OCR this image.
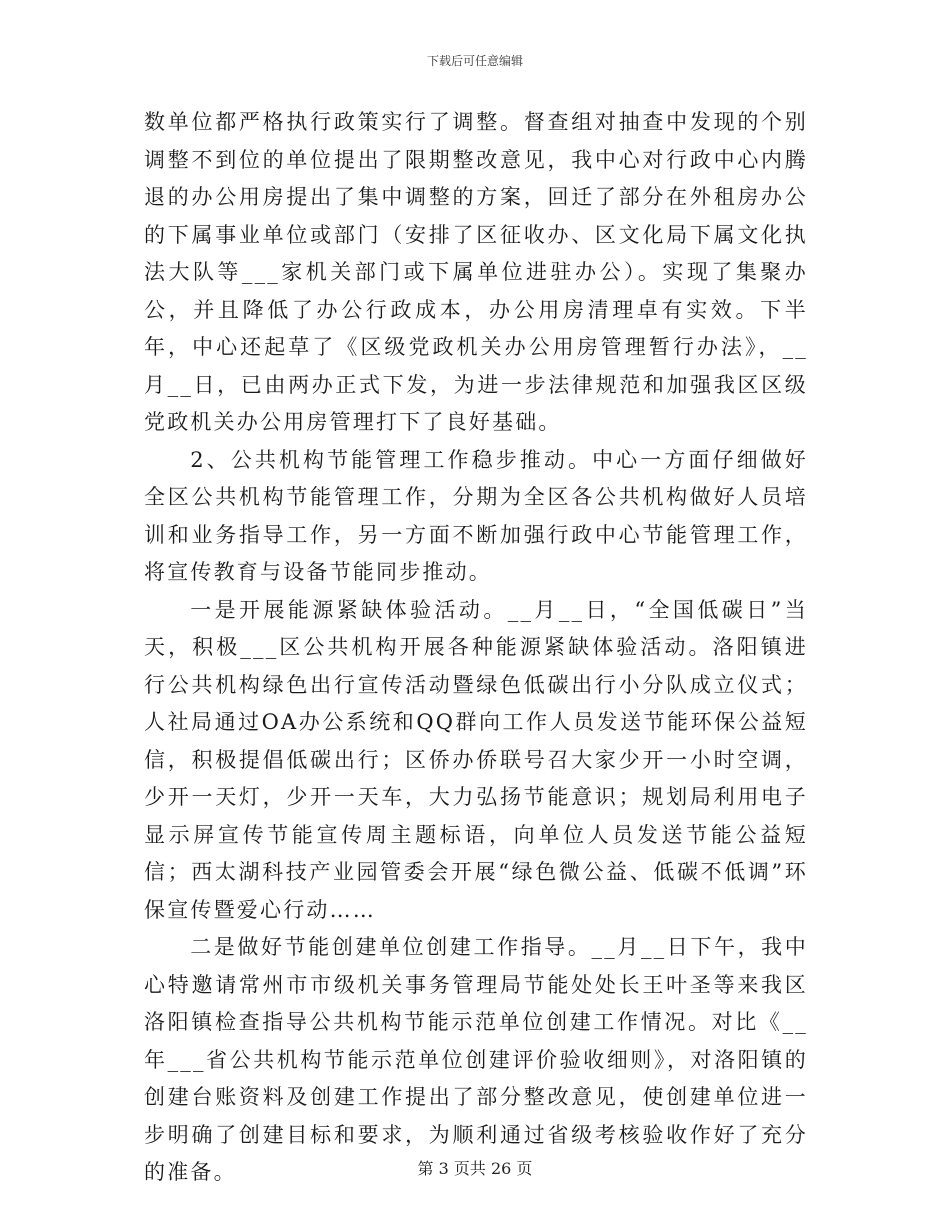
下载后可任意编辑

数单位都严格执行政策实行了调整。督查组对抽查中发现的个别调整不到位的单位提出了限期整改意见，我中心对行政中心内腾退的办公用房提出了集中调整的方案，回迁了部分在外租房办公的下属事业单位或部门（安排了区征收办、区文化局下属文化执法大队等___家机关部门或下属单位进驻办公）。实现了集聚办公，并且降低了办公行政成本，办公用房清理卓有实效。下半年，中心还起草了《区级党政机关办公用房管理暂行办法》，__月__日，已由两办正式下发，为进一步法律规范和加强我区区级党政机关办公用房管理打下了良好基础。

2、公共机构节能管理工作稳步推动。中心一方面仔细做好全区公共机构节能管理工作，分期为全区各公共机构做好人员培训和业务指导工作，另一方面不断加强行政中心节能管理工作，将宣传教育与设备节能同步推动。

一是开展能源紧缺体验活动。__月__日，“全国低碳日”当天，积极___区公共机构开展各种能源紧缺体验活动。洛阳镇进行公共机构绿色出行宣传活动暨绿色低碳出行小分队成立仪式；人社局通过OA办公系统和QQ群向工作人员发送节能环保公益短信，积极提倡低碳出行；区侨办侨联号召大家少开一小时空调，少开一天灯，少开一天车，大力弘扬节能意识；规划局利用电子显示屏宣传节能宣传周主题标语，向单位人员发送节能公益短信；西太湖科技产业园管委会开展“绿色微公益、低碳不低调”环保宣传暨爱心行动……

二是做好节能创建单位创建工作指导。__月__日下午，我中心特邀请常州市市级机关事务管理局节能处处长王叶圣等来我区洛阳镇检查指导公共机构节能示范单位创建工作情况。对比《__年___省公共机构节能示范单位创建评价验收细则》，对洛阳镇的创建台账资料及创建工作提出了部分整改意见，使创建单位进一步明确了创建目标和要求，为顺利通过省级考核验收作好了充分的准备。	第 3 页共 26 页
